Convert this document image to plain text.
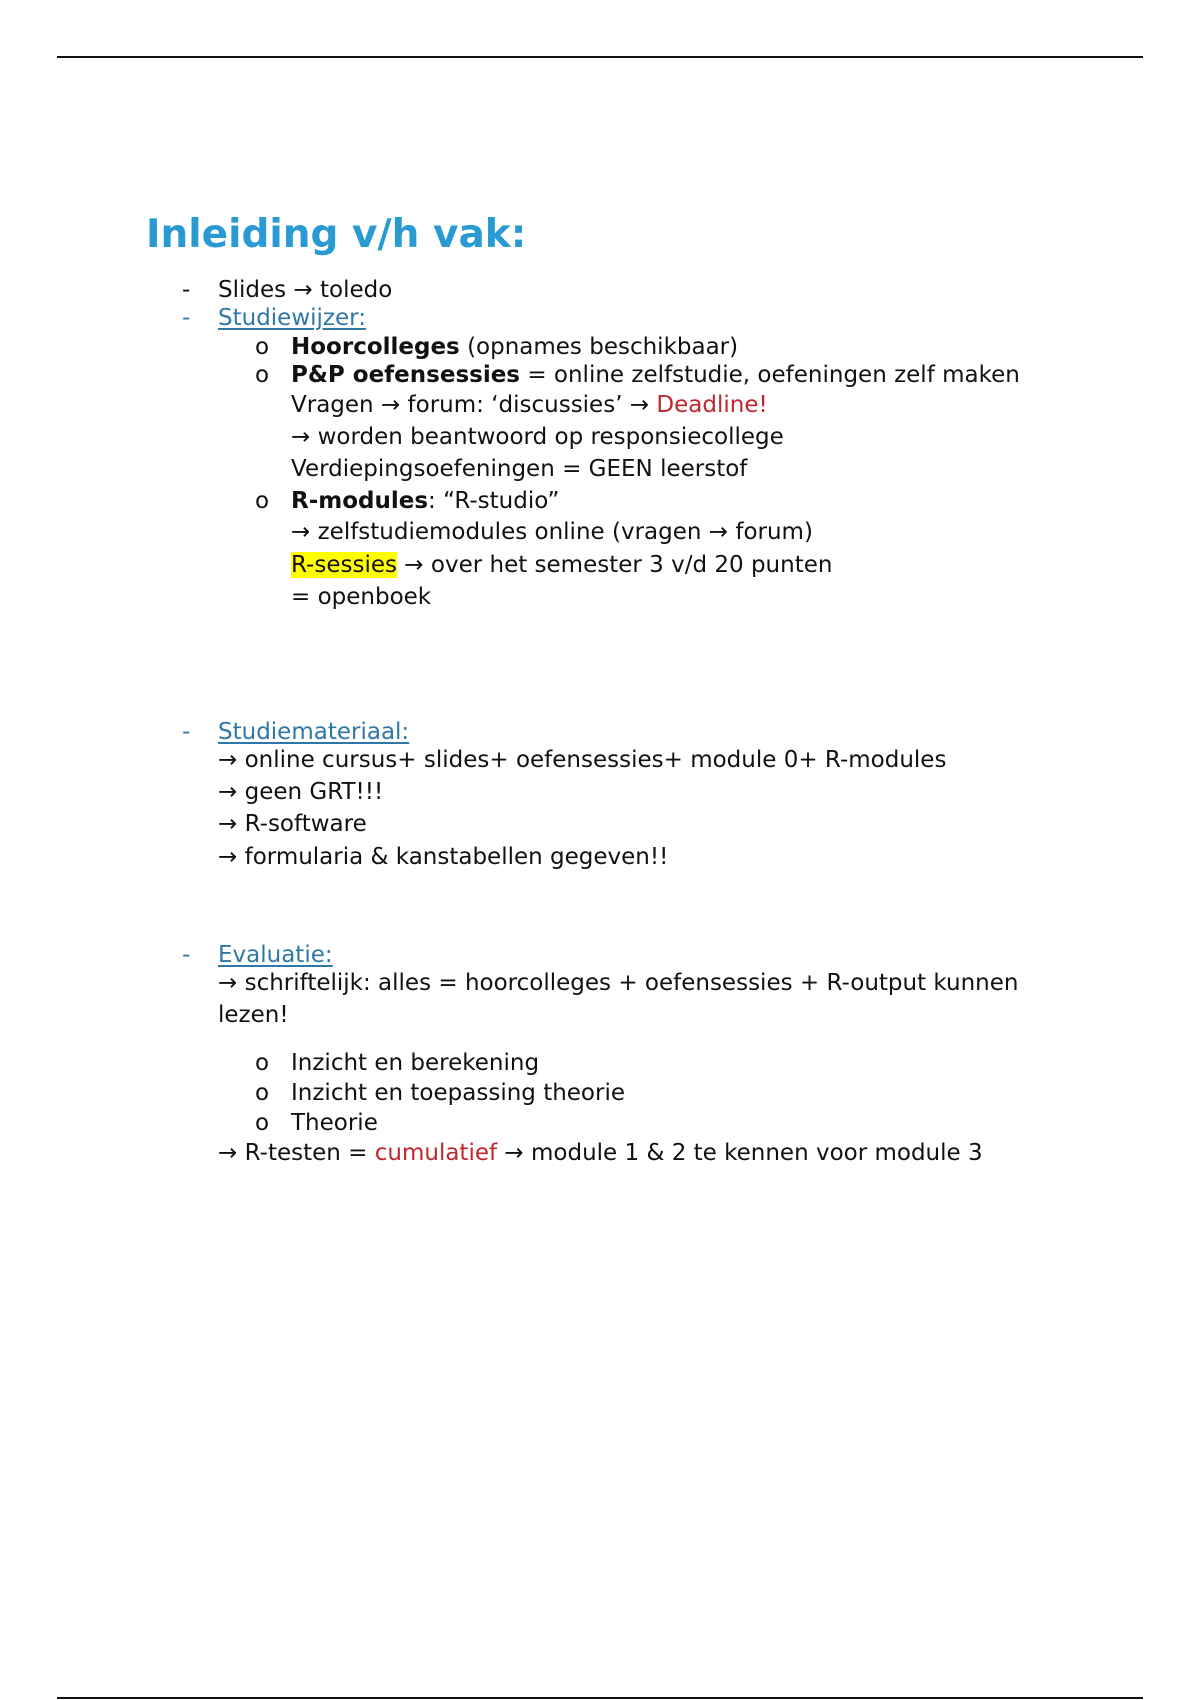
Inleiding v/h vak:
- Slides → toledo
- Studiewijzer:
o Hoorcolleges (opnames beschikbaar)
o P&P oefensessies = online zelfstudie, oefeningen zelf maken
Vragen → forum: ‘discussies’ → Deadline!
→ worden beantwoord op responsiecollege
Verdiepingsoefeningen = GEEN leerstof
o R-modules: “R-studio”
→ zelfstudiemodules online (vragen → forum)
R-sessies → over het semester 3 v/d 20 punten
= openboek
- Studiemateriaal:
→ online cursus+ slides+ oefensessies+ module 0+ R-modules
→ geen GRT!!!
→ R-software
→ formularia & kanstabellen gegeven!!
- Evaluatie:
→ schriftelijk: alles = hoorcolleges + oefensessies + R-output kunnen
lezen!
o Inzicht en berekening
o Inzicht en toepassing theorie
o Theorie
→ R-testen = cumulatief → module 1 & 2 te kennen voor module 3
